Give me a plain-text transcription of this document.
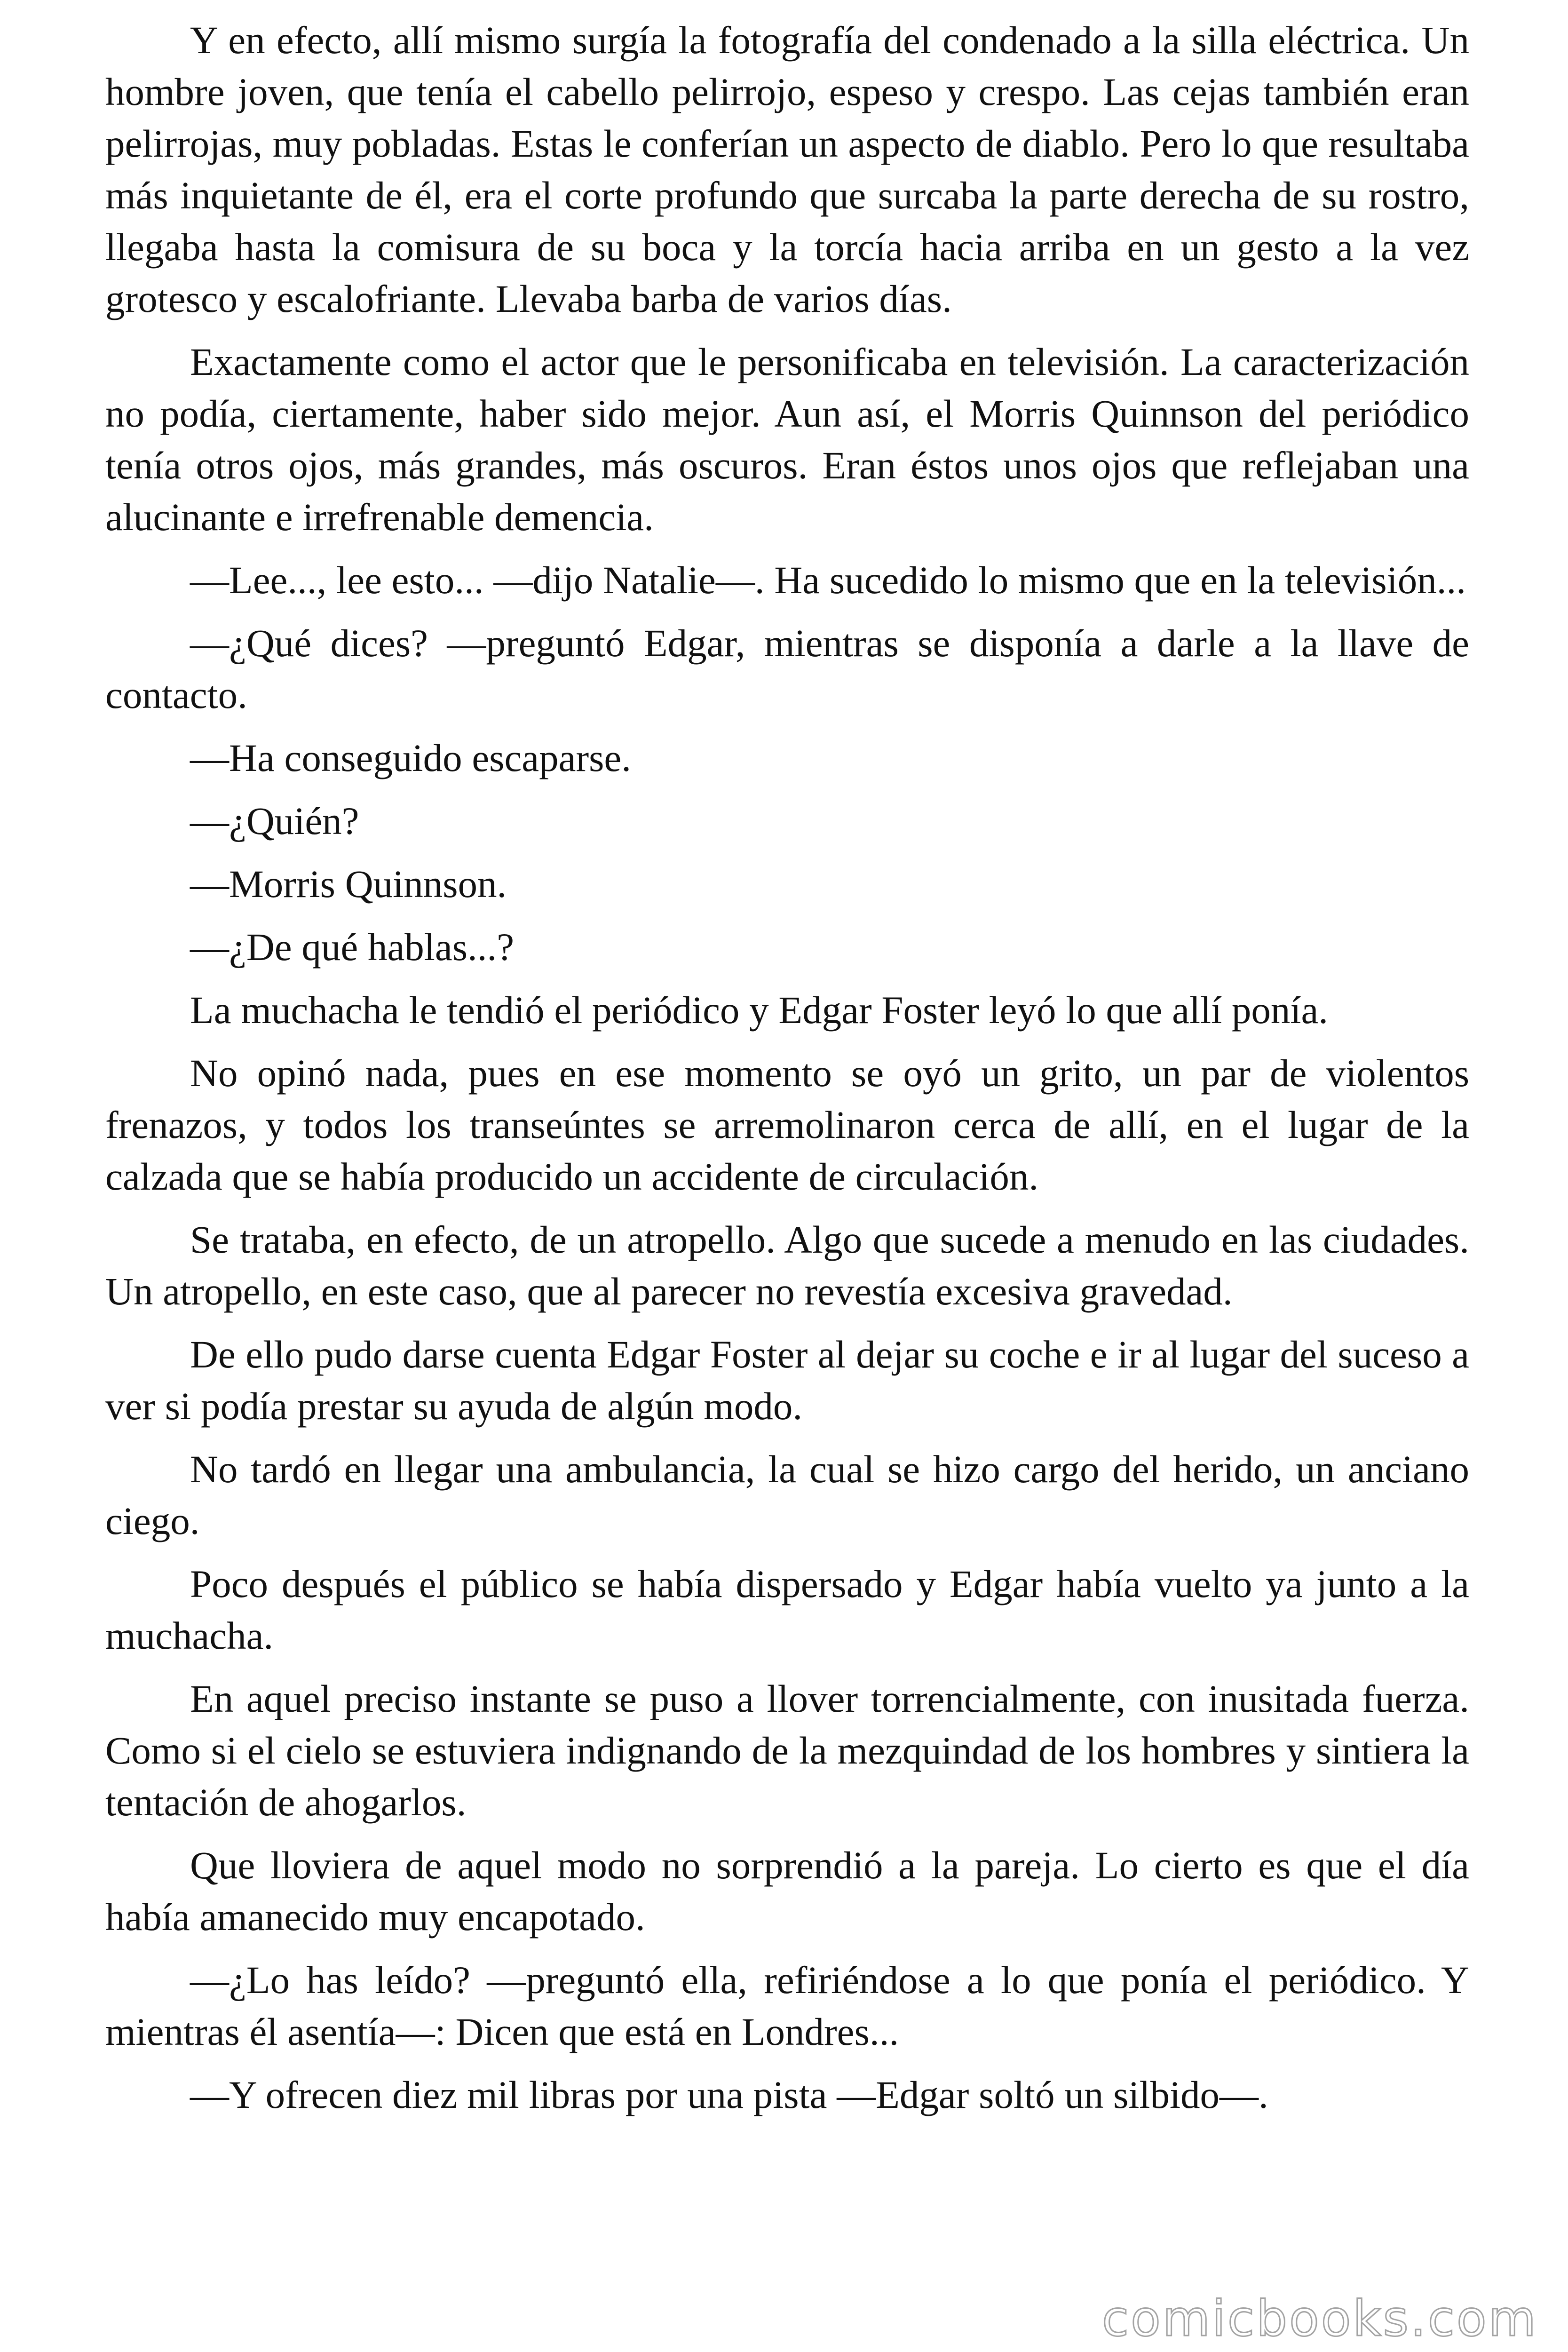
Y en efecto, allí mismo surgía la fotografía del condenado a la silla eléctrica. Un hombre joven, que tenía el cabello pelirrojo, espeso y crespo. Las cejas también eran pelirrojas, muy pobladas. Estas le conferían un aspecto de diablo. Pero lo que resultaba más inquietante de él, era el corte profundo que surcaba la parte derecha de su rostro, llegaba hasta la comisura de su boca y la torcía hacia arriba en un gesto a la vez grotesco y escalofriante. Llevaba barba de varios días.

Exactamente como el actor que le personificaba en televisión. La caracterización no podía, ciertamente, haber sido mejor. Aun así, el Morris Quinnson del periódico tenía otros ojos, más grandes, más oscuros. Eran éstos unos ojos que reflejaban una alucinante e irrefrenable demencia.

—Lee..., lee esto... —dijo Natalie—. Ha sucedido lo mismo que en la televisión...

—¿Qué dices? —preguntó Edgar, mientras se disponía a darle a la llave de contacto.

—Ha conseguido escaparse.

—¿Quién?

—Morris Quinnson.

—¿De qué hablas...?

La muchacha le tendió el periódico y Edgar Foster leyó lo que allí ponía.

No opinó nada, pues en ese momento se oyó un grito, un par de violentos frenazos, y todos los transeúntes se arremolinaron cerca de allí, en el lugar de la calzada que se había producido un accidente de circulación.

Se trataba, en efecto, de un atropello. Algo que sucede a menudo en las ciudades. Un atropello, en este caso, que al parecer no revestía excesiva gravedad.

De ello pudo darse cuenta Edgar Foster al dejar su coche e ir al lugar del suceso a ver si podía prestar su ayuda de algún modo.

No tardó en llegar una ambulancia, la cual se hizo cargo del herido, un anciano ciego.

Poco después el público se había dispersado y Edgar había vuelto ya junto a la muchacha.

En aquel preciso instante se puso a llover torrencialmente, con inusitada fuerza. Como si el cielo se estuviera indignando de la mezquindad de los hombres y sintiera la tentación de ahogarlos.

Que lloviera de aquel modo no sorprendió a la pareja. Lo cierto es que el día había amanecido muy encapotado.

—¿Lo has leído? —preguntó ella, refiriéndose a lo que ponía el periódico. Y mientras él asentía—: Dicen que está en Londres...

—Y ofrecen diez mil libras por una pista —Edgar soltó un silbido—.

comicbooks.com
